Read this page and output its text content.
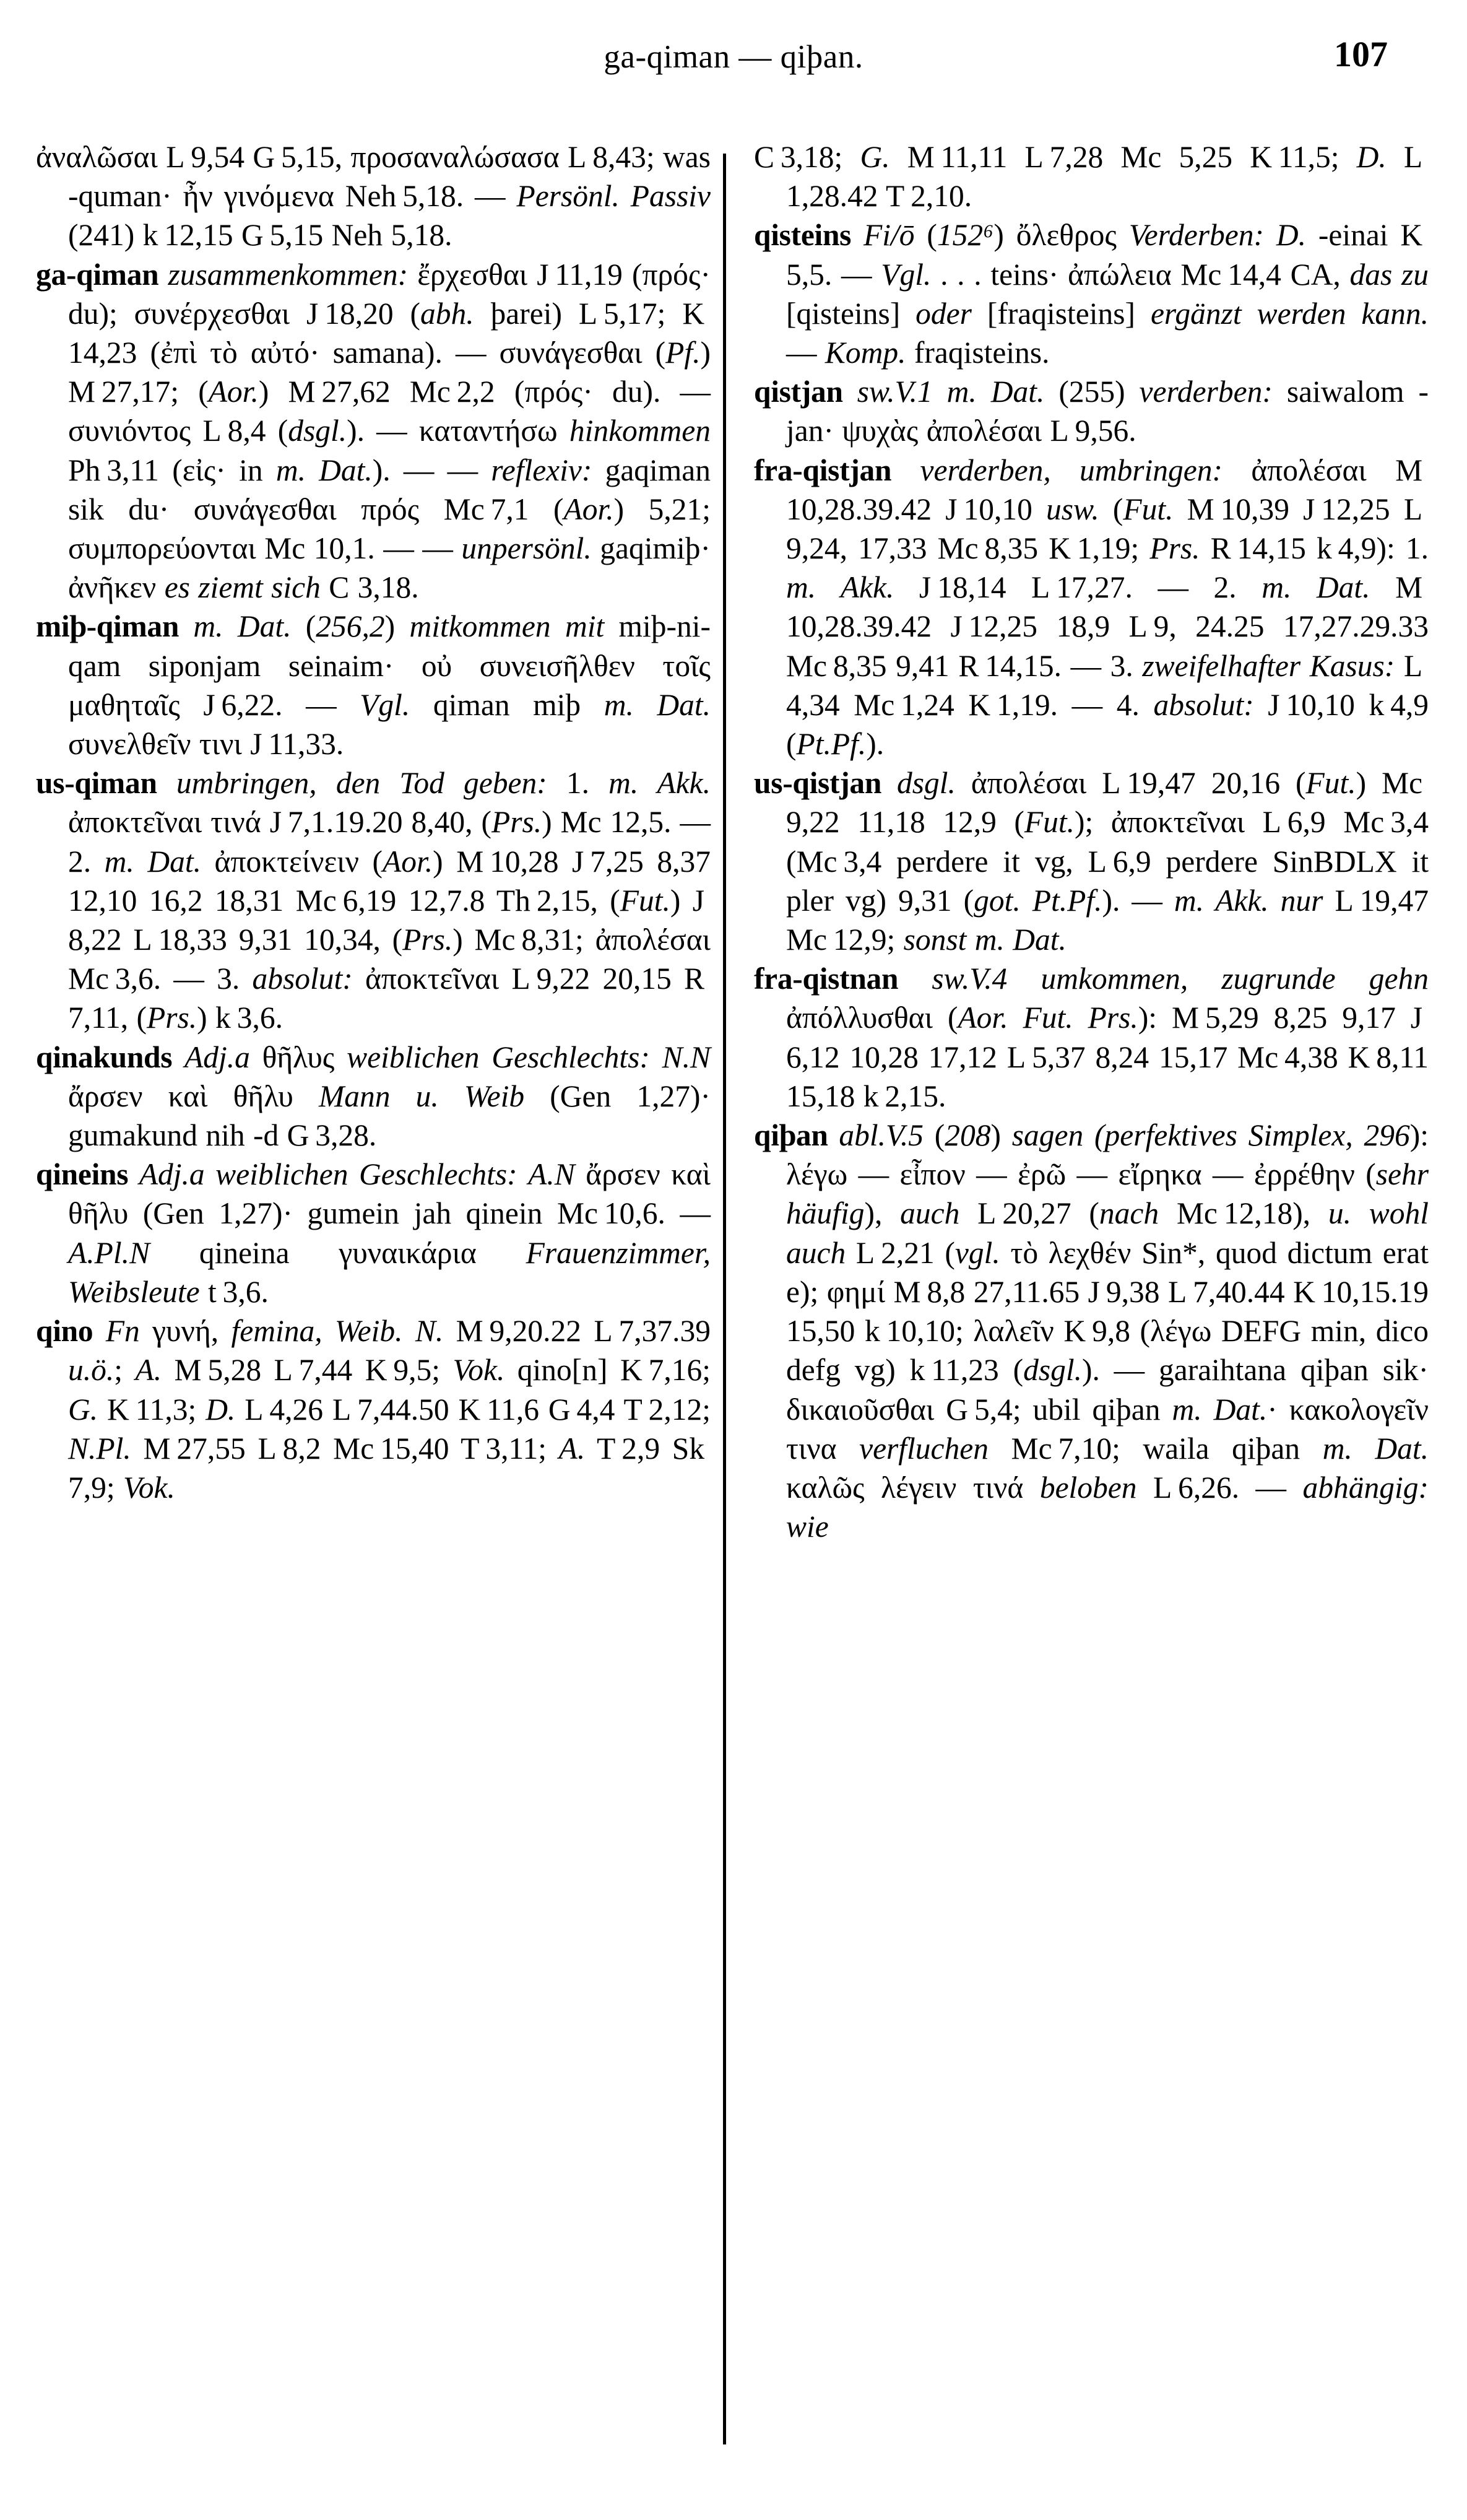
ga-qiman — qiþan.	107

ἀναλῶσαι L 9,54 G 5,15, προσαναλώσασα L 8,43; was -quman· ἦν γινόμενα Neh 5,18. — Persönl. Passiv (241) k 12,15 G 5,15 Neh 5,18.

ga-qiman zusammenkommen: ἔρχεσθαι J 11,19 (πρός· du); συνέρχεσθαι J 18,20 (abh. þarei) L 5,17; K 14,23 (ἐπὶ τὸ αὐτό· samana). — συνάγεσθαι (Pf.) M 27,17; (Aor.) M 27,62 Mc 2,2 (πρός· du). — συνιόντος L 8,4 (dsgl.). — καταντήσω hinkommen Ph 3,11 (εἰς· in m. Dat.). — — reflexiv: gaqiman sik du· συνάγεσθαι πρός Mc 7,1 (Aor.) 5,21; συμπορεύονται Mc 10,1. — — unpersönl. gaqimiþ· ἀνῆκεν es ziemt sich C 3,18.

miþ-qiman m. Dat. (256,2) mitkommen mit miþ-ni-qam siponjam seinaim· οὐ συνεισῆλθεν τοῖς μαθηταῖς J 6,22. — Vgl. qiman miþ m. Dat. συνελθεῖν τινι J 11,33.

us-qiman umbringen, den Tod geben: 1. m. Akk. ἀποκτεῖναι τινά J 7,1.19.20 8,40, (Prs.) Mc 12,5. — 2. m. Dat. ἀποκτείνειν (Aor.) M 10,28 J 7,25 8,37 12,10 16,2 18,31 Mc 6,19 12,7.8 Th 2,15, (Fut.) J 8,22 L 18,33 9,31 10,34, (Prs.) Mc 8,31; ἀπολέσαι Mc 3,6. — 3. absolut: ἀποκτεῖναι L 9,22 20,15 R 7,11, (Prs.) k 3,6.

qinakunds Adj.a θῆλυς weiblichen Geschlechts: N.N ἄρσεν καὶ θῆλυ Mann u. Weib (Gen 1,27)· gumakund nih -d G 3,28.

qineins Adj.a weiblichen Geschlechts: A.N ἄρσεν καὶ θῆλυ (Gen 1,27)· gumein jah qinein Mc 10,6. — A.Pl.N qineina γυναικάρια Frauenzimmer, Weibsleute t 3,6.

qino Fn γυνή, femina, Weib. N. M 9,20.22 L 7,37.39 u.ö.; A. M 5,28 L 7,44 K 9,5; Vok. qino[n] K 7,16; G. K 11,3; D. L 4,26 L 7,44.50 K 11,6 G 4,4 T 2,12; N.Pl. M 27,55 L 8,2 Mc 15,40 T 3,11; A. T 2,9 Sk 7,9; Vok.

C 3,18; G. M 11,11 L 7,28 Mc 5,25 K 11,5; D. L 1,28.42 T 2,10.

qisteins Fi/ō (152⁶) ὄλεθρος Verderben: D. -einai K 5,5. — Vgl. . . . teins· ἀπώλεια Mc 14,4 CA, das zu [qisteins] oder [fraqisteins] ergänzt werden kann. — Komp. fraqisteins.

qistjan sw.V.1 m. Dat. (255) verderben: saiwalom -jan· ψυχὰς ἀπολέσαι L 9,56.

fra-qistjan verderben, umbringen: ἀπολέσαι M 10,28.39.42 J 10,10 usw. (Fut. M 10,39 J 12,25 L 9,24, 17,33 Mc 8,35 K 1,19; Prs. R 14,15 k 4,9): 1. m. Akk. J 18,14 L 17,27. — 2. m. Dat. M 10,28.39.42 J 12,25 18,9 L 9, 24.25 17,27.29.33 Mc 8,35 9,41 R 14,15. — 3. zweifelhafter Kasus: L 4,34 Mc 1,24 K 1,19. — 4. absolut: J 10,10 k 4,9 (Pt.Pf.).

us-qistjan dsgl. ἀπολέσαι L 19,47 20,16 (Fut.) Mc 9,22 11,18 12,9 (Fut.); ἀποκτεῖναι L 6,9 Mc 3,4 (Mc 3,4 perdere it vg, L 6,9 perdere SinBDLX it pler vg) 9,31 (got. Pt.Pf.). — m. Akk. nur L 19,47 Mc 12,9; sonst m. Dat.

fra-qistnan sw.V.4 umkommen, zugrunde gehn ἀπόλλυσθαι (Aor. Fut. Prs.): M 5,29 8,25 9,17 J 6,12 10,28 17,12 L 5,37 8,24 15,17 Mc 4,38 K 8,11 15,18 k 2,15.

qiþan abl.V.5 (208) sagen (perfektives Simplex, 296): λέγω — εἶπον — ἐρῶ — εἴρηκα — ἐρρέθην (sehr häufig), auch L 20,27 (nach Mc 12,18), u. wohl auch L 2,21 (vgl. τὸ λεχθέν Sin*, quod dictum erat e); φημί M 8,8 27,11.65 J 9,38 L 7,40.44 K 10,15.19 15,50 k 10,10; λαλεῖν K 9,8 (λέγω DEFG min, dico defg vg) k 11,23 (dsgl.). — garaihtana qiþan sik· δικαιοῦσθαι G 5,4; ubil qiþan m. Dat.· κακολογεῖν τινα verfluchen Mc 7,10; waila qiþan m. Dat. καλῶς λέγειν τινά beloben L 6,26. — abhängig: wie
